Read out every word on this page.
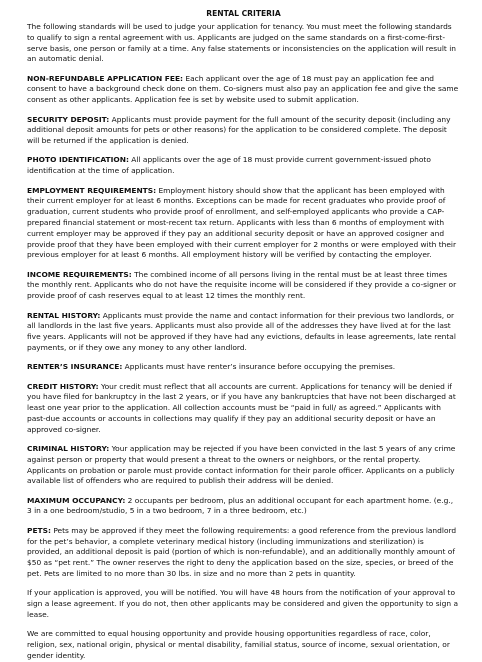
RENTAL CRITERIA

The following standards will be used to judge your application for tenancy. You must meet the following standards to qualify to sign a rental agreement with us. Applicants are judged on the same standards on a first-come-first-serve basis, one person or family at a time. Any false statements or inconsistencies on the application will result in an automatic denial.

NON-REFUNDABLE APPLICATION FEE: Each applicant over the age of 18 must pay an application fee and consent to have a background check done on them. Co-signers must also pay an application fee and give the same consent as other applicants. Application fee is set by website used to submit application.

SECURITY DEPOSIT: Applicants must provide payment for the full amount of the security deposit (including any additional deposit amounts for pets or other reasons) for the application to be considered complete. The deposit will be returned if the application is denied.

PHOTO IDENTIFICATION: All applicants over the age of 18 must provide current government-issued photo identification at the time of application.

EMPLOYMENT REQUIREMENTS: Employment history should show that the applicant has been employed with their current employer for at least 6 months. Exceptions can be made for recent graduates who provide proof of graduation, current students who provide proof of enrollment, and self-employed applicants who provide a CAP-prepared financial statement or most-recent tax return. Applicants with less than 6 months of employment with current employer may be approved if they pay an additional security deposit or have an approved cosigner and provide proof that they have been employed with their current employer for 2 months or were employed with their previous employer for at least 6 months. All employment history will be verified by contacting the employer.

INCOME REQUIREMENTS: The combined income of all persons living in the rental must be at least three times the monthly rent. Applicants who do not have the requisite income will be considered if they provide a co-signer or provide proof of cash reserves equal to at least 12 times the monthly rent.

RENTAL HISTORY: Applicants must provide the name and contact information for their previous two landlords, or all landlords in the last five years. Applicants must also provide all of the addresses they have lived at for the last five years. Applicants will not be approved if they have had any evictions, defaults in lease agreements, late rental payments, or if they owe any money to any other landlord.

RENTER’S INSURANCE: Applicants must have renter’s insurance before occupying the premises.

CREDIT HISTORY: Your credit must reflect that all accounts are current. Applications for tenancy will be denied if you have filed for bankruptcy in the last 2 years, or if you have any bankruptcies that have not been discharged at least one year prior to the application. All collection accounts must be “paid in full/ as agreed.” Applicants with past-due accounts or accounts in collections may qualify if they pay an additional security deposit or have an approved co-signer.

CRIMINAL HISTORY: Your application may be rejected if you have been convicted in the last 5 years of any crime against person or property that would present a threat to the owners or neighbors, or the rental property. Applicants on probation or parole must provide contact information for their parole officer. Applicants on a publicly available list of offenders who are required to publish their address will be denied.

MAXIMUM OCCUPANCY: 2 occupants per bedroom, plus an additional occupant for each apartment home. (e.g., 3 in a one bedroom/studio, 5 in a two bedroom, 7 in a three bedroom, etc.)

PETS: Pets may be approved if they meet the following requirements: a good reference from the previous landlord for the pet’s behavior, a complete veterinary medical history (including immunizations and sterilization) is provided, an additional deposit is paid (portion of which is non-refundable), and an additionally monthly amount of $50 as “pet rent.” The owner reserves the right to deny the application based on the size, species, or breed of the pet. Pets are limited to no more than 30 lbs. in size and no more than 2 pets in quantity.

If your application is approved, you will be notified. You will have 48 hours from the notification of your approval to sign a lease agreement. If you do not, then other applicants may be considered and given the opportunity to sign a lease.

We are committed to equal housing opportunity and provide housing opportunities regardless of race, color, religion, sex, national origin, physical or mental disability, familial status, source of income, sexual orientation, or gender identity.
